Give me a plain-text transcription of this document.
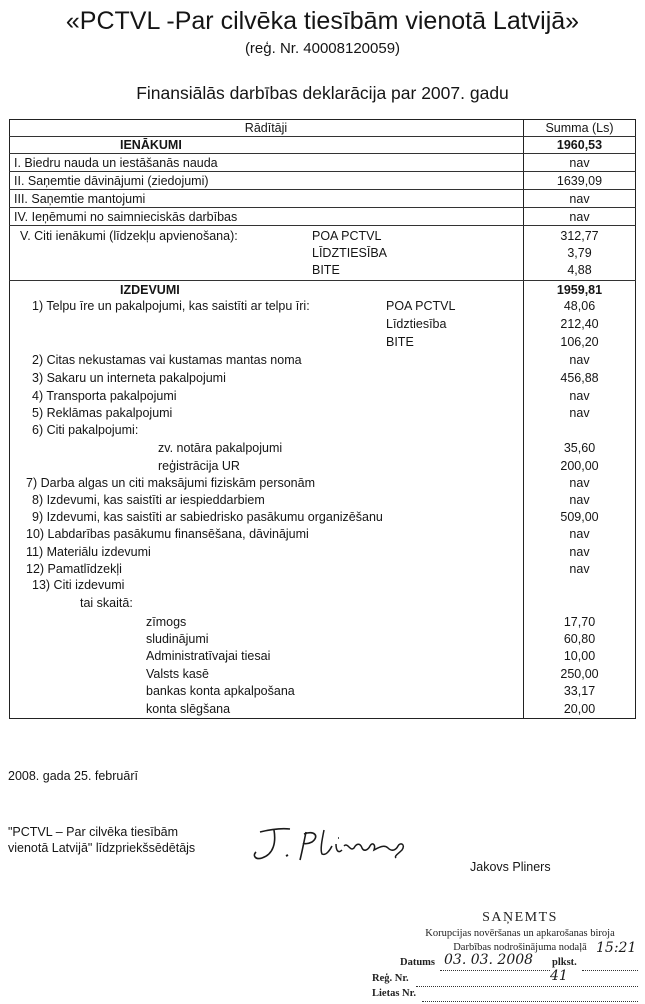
«PCTVL -Par cilvēka tiesībām vienotā Latvijā»
(reģ. Nr. 40008120059)
Finansiālās darbības deklarācija par 2007. gadu
Rādītāji	Summa (Ls)
IENĀKUMI	1960,53
I. Biedru nauda un iestāšanās nauda	nav
II. Saņemtie dāvinājumi (ziedojumi)	1639,09
III. Saņemtie mantojumi	nav
IV. Ieņēmumi no saimnieciskās darbības	nav
V. Citi ienākumi (līdzekļu apvienošana):	POA PCTVL	312,77
LĪDZTIESĪBA	3,79
BITE	4,88
IZDEVUMI	1959,81
1) Telpu īre un pakalpojumi, kas saistīti ar telpu īri:	POA PCTVL	48,06
Līdztiesība	212,40
BITE	106,20
2) Citas nekustamas vai kustamas mantas noma	nav
3) Sakaru un interneta pakalpojumi	456,88
4) Transporta pakalpojumi	nav
5) Reklāmas pakalpojumi	nav
6) Citi pakalpojumi:
zv. notāra pakalpojumi	35,60
reģistrācija UR	200,00
7) Darba algas un citi maksājumi fiziskām personām	nav
8) Izdevumi, kas saistīti ar iespieddarbiem	nav
9) Izdevumi, kas saistīti ar sabiedrisko pasākumu organizēšanu	509,00
10) Labdarības pasākumu finansēšana, dāvinājumi	nav
11) Materiālu izdevumi	nav
12) Pamatlīdzekļi	nav
13) Citi izdevumi
tai skaitā:
zīmogs	17,70
sludinājumi	60,80
Administratīvajai tiesai	10,00
Valsts kasē	250,00
bankas konta apkalpošana	33,17
konta slēgšana	20,00
2008. gada 25. februārī
"PCTVL – Par cilvēka tiesībām
vienotā Latvijā" līdzpriekšsēdētājs
Jakovs Pliners
SAŅEMTS
Korupcijas novēršanas un apkarošanas biroja
Darbības nodrošinājuma nodaļā
Datums 03. 03. 2008 plkst.
15:21
Reģ. Nr.	41
Lietas Nr.
